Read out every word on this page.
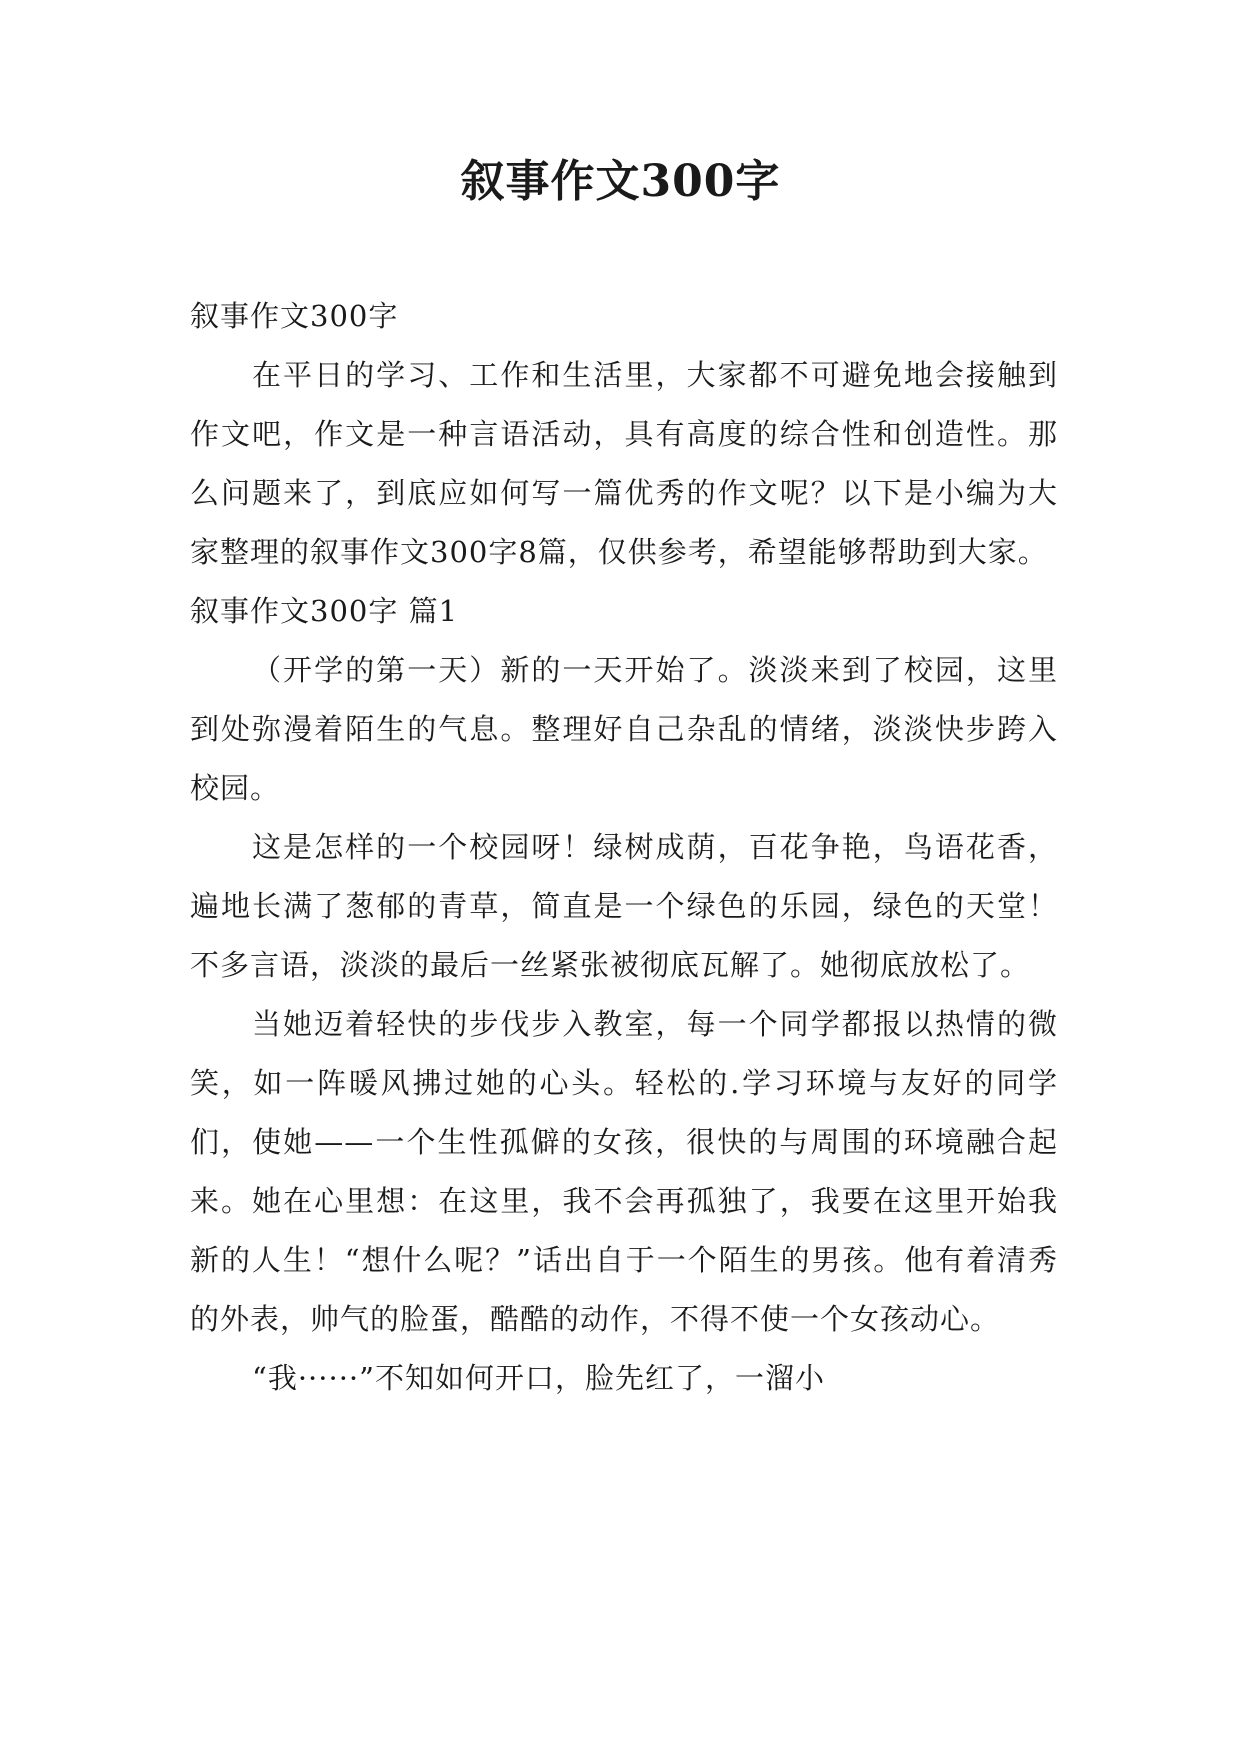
叙事作文300字

叙事作文300字

在平日的学习、工作和生活里，大家都不可避免地会接触到作文吧，作文是一种言语活动，具有高度的综合性和创造性。那么问题来了，到底应如何写一篇优秀的作文呢？以下是小编为大家整理的叙事作文300字8篇，仅供参考，希望能够帮助到大家。

叙事作文300字 篇1

（开学的第一天）新的一天开始了。淡淡来到了校园，这里到处弥漫着陌生的气息。整理好自己杂乱的情绪，淡淡快步跨入校园。

这是怎样的一个校园呀！绿树成荫，百花争艳，鸟语花香，遍地长满了葱郁的青草，简直是一个绿色的乐园，绿色的天堂！不多言语，淡淡的最后一丝紧张被彻底瓦解了。她彻底放松了。

当她迈着轻快的步伐步入教室，每一个同学都报以热情的微笑，如一阵暖风拂过她的心头。轻松的.学习环境与友好的同学们，使她——一个生性孤僻的女孩，很快的与周围的环境融合起来。她在心里想：在这里，我不会再孤独了，我要在这里开始我新的人生！“想什么呢？”话出自于一个陌生的男孩。他有着清秀的外表，帅气的脸蛋，酷酷的动作，不得不使一个女孩动心。

“我······”不知如何开口，脸先红了，一溜小
